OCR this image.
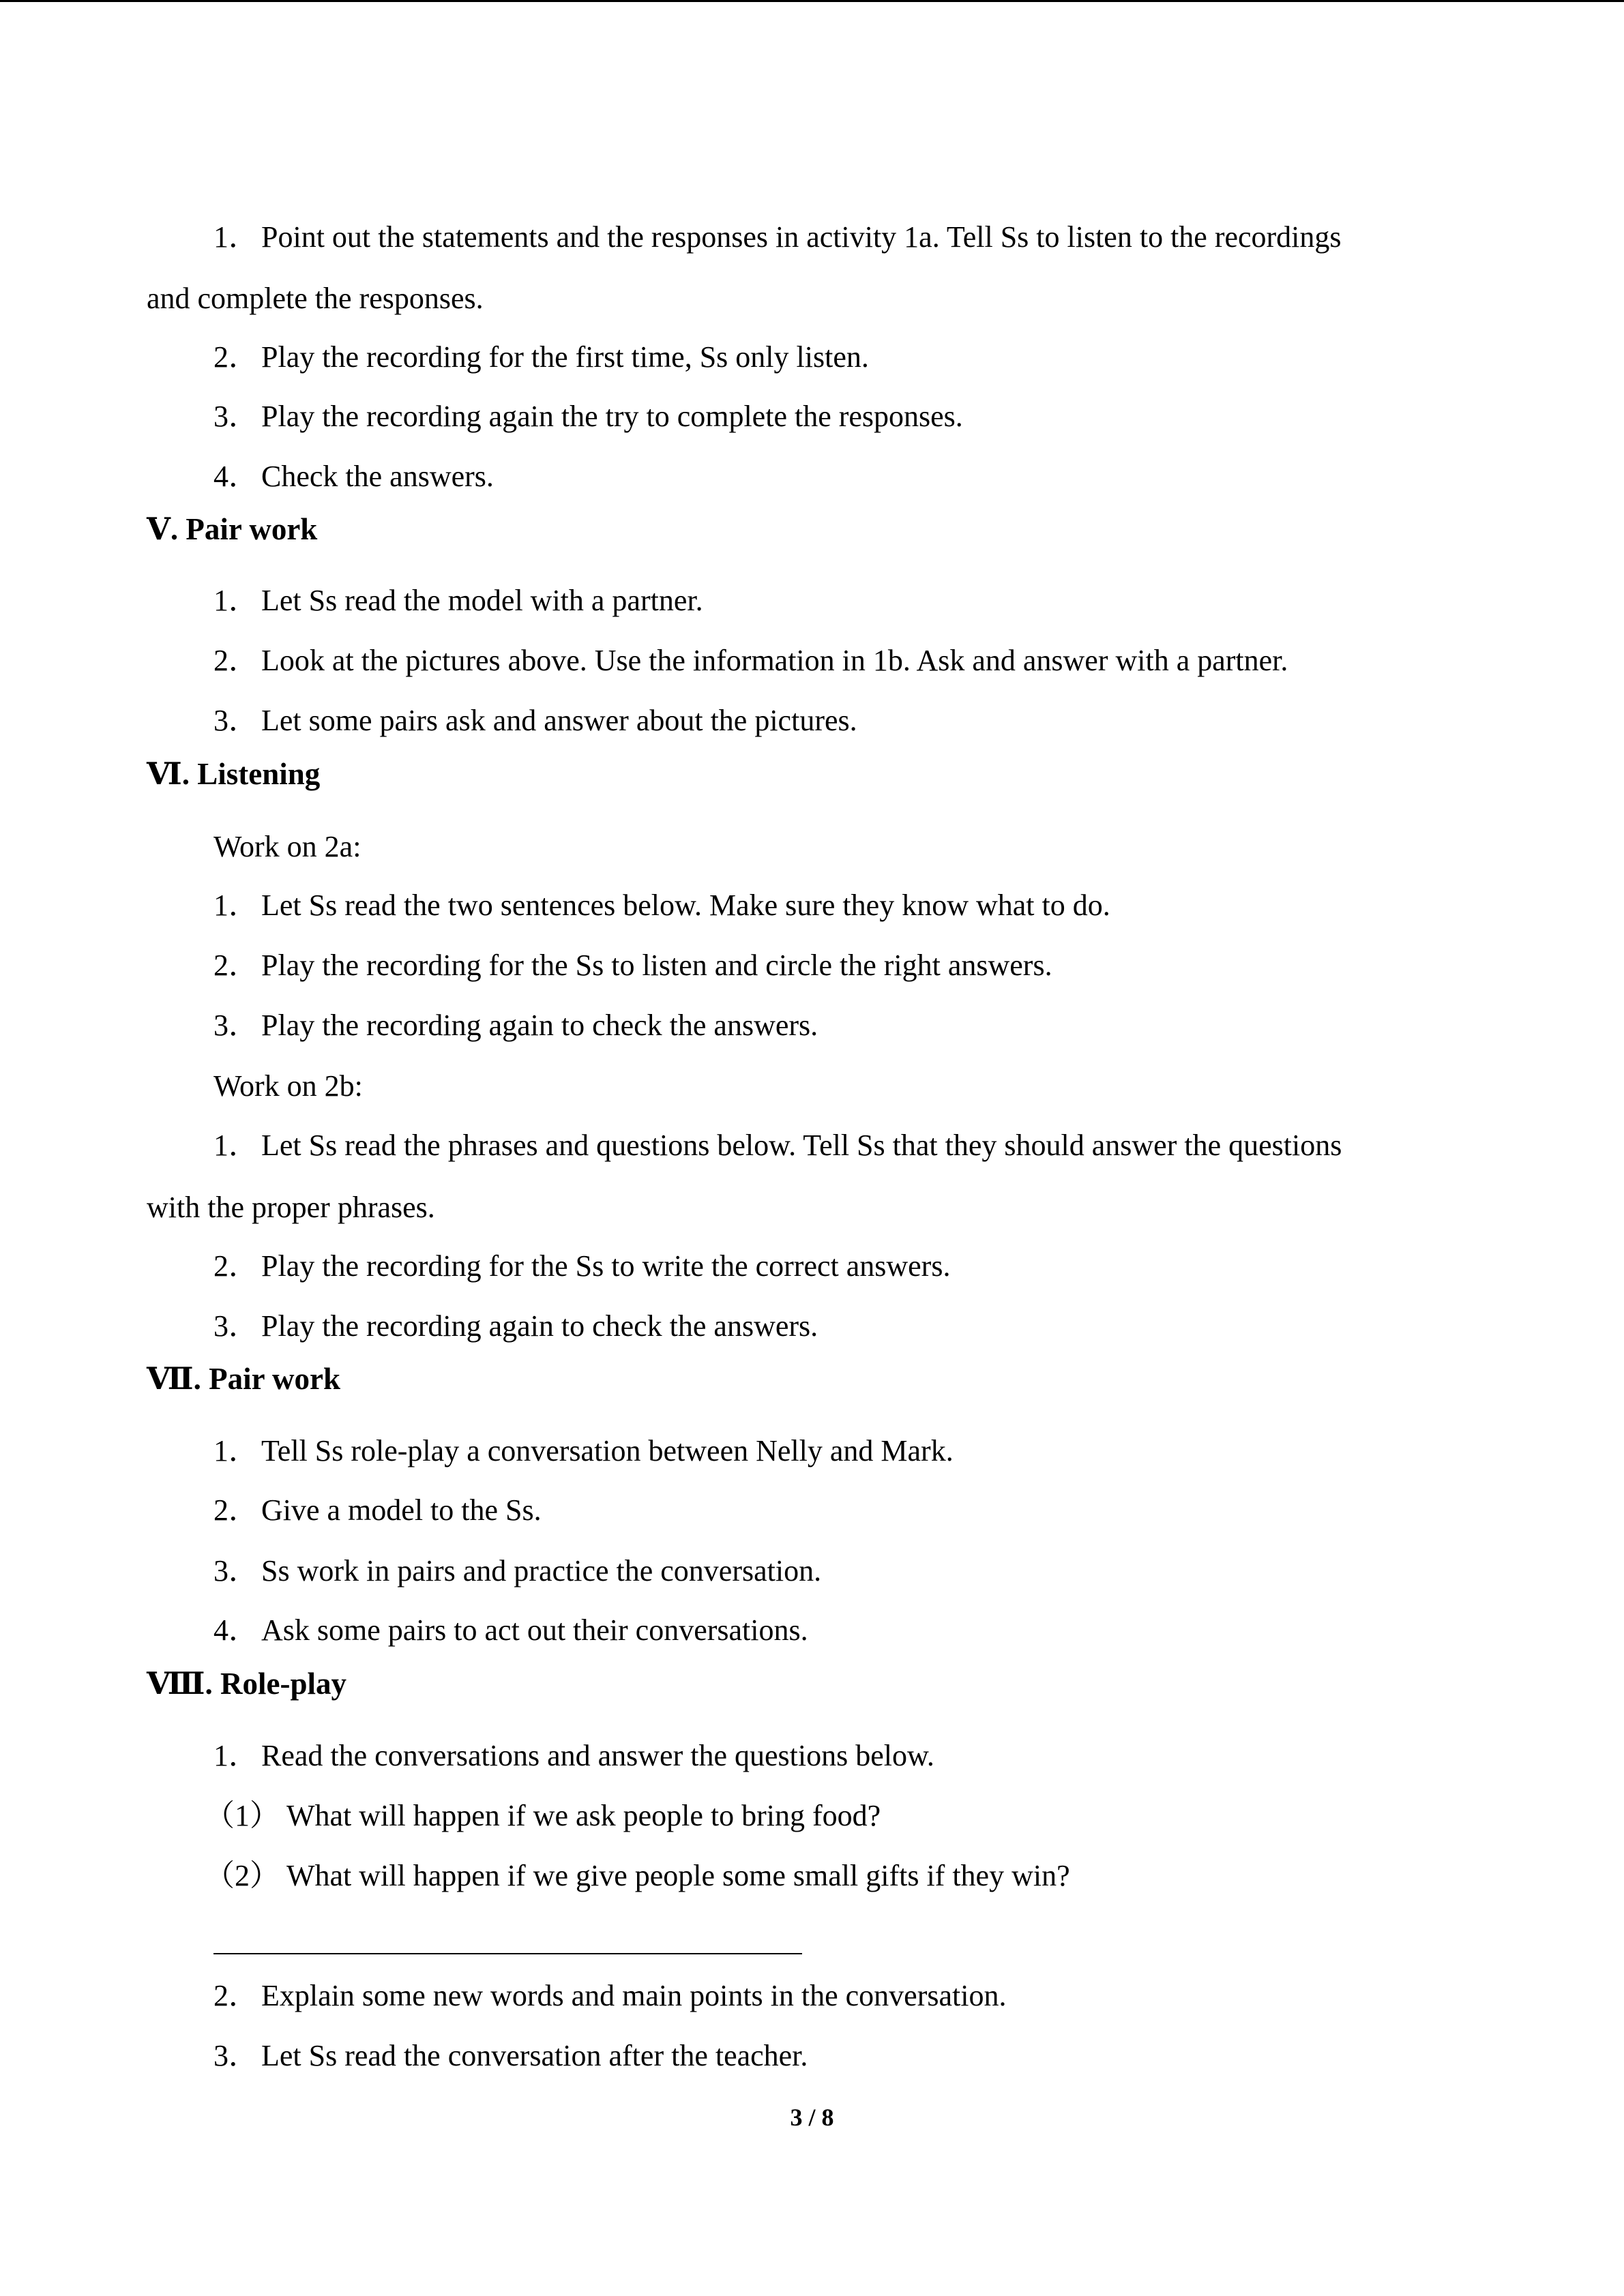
1．Point out the statements and the responses in activity 1a. Tell Ss to listen to the recordings
and complete the responses.
2．Play the recording for the first time, Ss only listen.
3．Play the recording again the try to complete the responses.
4．Check the answers.
Ⅴ. Pair work
1．Let Ss read the model with a partner.
2．Look at the pictures above. Use the information in 1b. Ask and answer with a partner.
3．Let some pairs ask and answer about the pictures.
Ⅵ. Listening
Work on 2a:
1．Let Ss read the two sentences below. Make sure they know what to do.
2．Play the recording for the Ss to listen and circle the right answers.
3．Play the recording again to check the answers.
Work on 2b:
1．Let Ss read the phrases and questions below. Tell Ss that they should answer the questions
with the proper phrases.
2．Play the recording for the Ss to write the correct answers.
3．Play the recording again to check the answers.
Ⅶ. Pair work
1．Tell Ss role-play a conversation between Nelly and Mark.
2．Give a model to the Ss.
3．Ss work in pairs and practice the conversation.
4．Ask some pairs to act out their conversations.
Ⅷ. Role-play
1．Read the conversations and answer the questions below.
（1） What will happen if we ask people to bring food?
（2） What will happen if we give people some small gifts if they win?
2．Explain some new words and main points in the conversation.
3．Let Ss read the conversation after the teacher.
3 / 8
